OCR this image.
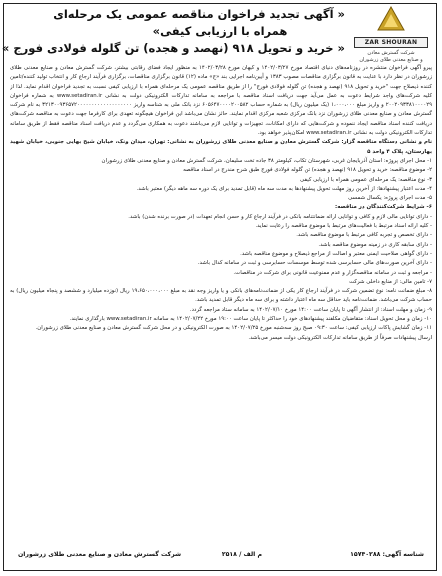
ZAR SHOURAN
شرکت گسترش معادن
و صنایع معدنی طلای زرشوران
« آگهی تجدید فراخوان مناقصه عمومی یک مرحله‌ای
همراه با ارزیابی کیفی»
« خرید و تحویل ۹۱۸ (نهصد و هجده) تن گلوله فولادی فورج »

پیرو آگهی فراخوان منتشره در روزنامه‌های دنیای اقتصاد مورخ ۱۴۰۲/۰۳/۲۷ و کیهان مورخ ۱۴۰۲/۰۳/۲۸ به منظور ایجاد فضای رقابتی بیشتر، شرکت گسترش معادن و صنایع معدنی طلای زرشوران در نظر دارد با عنایت به قانون برگزاری مناقصات مصوب ۱۳۸۳ و آیین‌نامه اجرایی بند «ج» ماده (۱۲) قانون برگزاری مناقصات، برگزاری فرآیند ارجاع کار و انتخاب تولید کننده/تامین کننده ذیصلاح جهت "خرید و تحویل ۹۱۸ (نهصد و هجده) تن گلوله فولادی فورج" را از طریق مناقصه عمومی یک مرحله‌ای همراه با ارزیابی کیفی نسبت به تجدید فراخوان اقدام نماید. لذا از کلیه شرکت‌های واجد شرایط دعوت به عمل می‌آید جهت دریافت اسناد مناقصه با مراجعه به سامانه تدارکات الکترونیکی دولت به نشانی www.setadiran.ir به شماره فراخوان ۲۰۰۲۰۹۳۳۸۱۰۰۰۰۲۹ و واریز مبلغ ۱،۰۰۰،۰۰۰ (یک میلیون ریال) به شماره حساب ۶۰۵۶۴۷۰۰۰۰۲۰۰۵۸۲ نزد بانک ملی به شناسه واریز ۳۲۱۳۰۰۹۳۶۵۷۲۰۰۰۰۰۰۰۰۰۰۰۰۰۰۰۰۰۰۰ به نام شرکت گسترش معادن و صنایع معدنی طلای زرشوران نزد بانک مرکزی شعبه مرکزی اقدام نمایند. حائز نشان می‌باشد این فراخوان هیچگونه تعهدی برای کارفرما جهت دعوت به مناقصه شرکت‌های دریافت کننده اسناد مناقصه ایجاد ننموده و شرکت‌هایی که دارای امکانات، تجهیزات و توانایی لازم می‌باشند دعوت به همکاری می‌گردد و عدم دریافت اسناد مناقصه فقط از طریق سامانه تدارکات الکترونیکی دولت به نشانی www.setadiran.ir امکان‌پذیر خواهد بود.

نام و نشانی دستگاه مناقصه گزار: شرکت گسترش معادن و صنایع معدنی طلای زرشوران به نشانی: تهران، میدان ونک، خیابان شیخ بهایی جنوبی، خیابان شهید بهارستان، پلاک ۴ واحد ۵

۱- محل اجرای پروژه: استان آذربایجان غربی، شهرستان تکاب، کیلومتر ۳۸ جاده تخت سلیمان، شرکت گسترش معادن و صنایع معدنی طلای زرشوران

۲- موضوع مناقصه: خرید و تحویل ۹۱۸ (نهصد و هجده) تن گلوله فولادی فورج طبق شرح مندرج در اسناد مناقصه

۳- نوع مناقصه: یک مرحله‌ای عمومی همراه با ارزیابی کیفی

۴- مدت اعتبار پیشنهادها: از آخرین روز مهلت تحویل پیشنهادها به مدت سه ماه (قابل تمدید برای یک دوره سه ماهه دیگر) معتبر باشد.

۵- مدت اجرای پروژه: یکسال شمسی

۶- شرایط شرکت‌کنندگان در مناقصه:

- دارای توانایی مالی لازم و کافی و توانایی ارائه ضمانتنامه بانکی در فرآیند ارجاع کار و حسن انجام تعهدات (در صورت برنده شدن) باشد.

- کلیه ارائه اسناد مرتبط با فعالیت‌های مرتبط با موضوع مناقصه را رعایت نماید.

- دارای تخصص و تجربه کافی مرتبط با موضوع مناقصه باشد.

- دارای سابقه کاری در زمینه موضوع مناقصه باشد.

- دارای گواهی صلاحیت ایمنی معتبر و اصالت از مراجع ذیصلاح و موضوع مناقصه باشد.

- دارای آخرین صورت‌های مالی حسابرسی شده توسط موسسات حسابرسی و ثبت در سامانه کدال باشد.

- مراجعه و ثبت در سامانه مناقصه‌گزار و عدم ممنوعیت قانونی برای شرکت در مناقصات.

۷- تامین مالی: از منابع داخلی شرکت

۸- مبلغ ضمانت نامه: نوع تضمین شرکت در فرآیند ارجاع کار یکی از ضمانت‌نامه‌های بانکی و یا واریز وجه نقد به مبلغ ۱۹،۶۵۰،۰۰۰،۰۰۰ ریال (نوزده میلیارد و ششصد و پنجاه میلیون ریال) به حساب شرکت می‌باشد. ضمانت‌نامه باید حداقل سه ماه اعتبار داشته و برای سه ماه دیگر قابل تمدید باشد.

۹- زمان و مهلت اسناد: از انتشار آگهی تا پایان ساعت ۱۴:۰۰ مورخ ۱۴۰۲/۰۷/۱۰ به سامانه ستاد مراجعه گردد.

۱۰- زمان و محل تحویل اسناد: متقاضیان مکلفند پیشنهادهای خود را حداکثر تا پایان ساعت ۱۹:۰۰ مورخ ۱۴۰۲/۰۷/۲۲ به سامانه www.setadiran.ir بارگذاری نمایند.

۱۱- زمان گشایش پاکات ارزیابی کیفی: ساعت ۰۹:۳۰ صبح روز سه‌شنبه مورخ ۱۴۰۲/۰۷/۲۵ به صورت الکترونیکی و در محل شرکت گسترش معادن و صنایع معدنی طلای زرشوران.

ارسال پیشنهادات صرفاً از طریق سامانه تدارکات الکترونیکی دولت میسر می‌باشد.

شناسه آگهی: ۱۵۷۴۰۲۸۸
م الف / ۲۵۱۸
شرکت گسترش معادن و صنایع معدنی طلای زرشوران
